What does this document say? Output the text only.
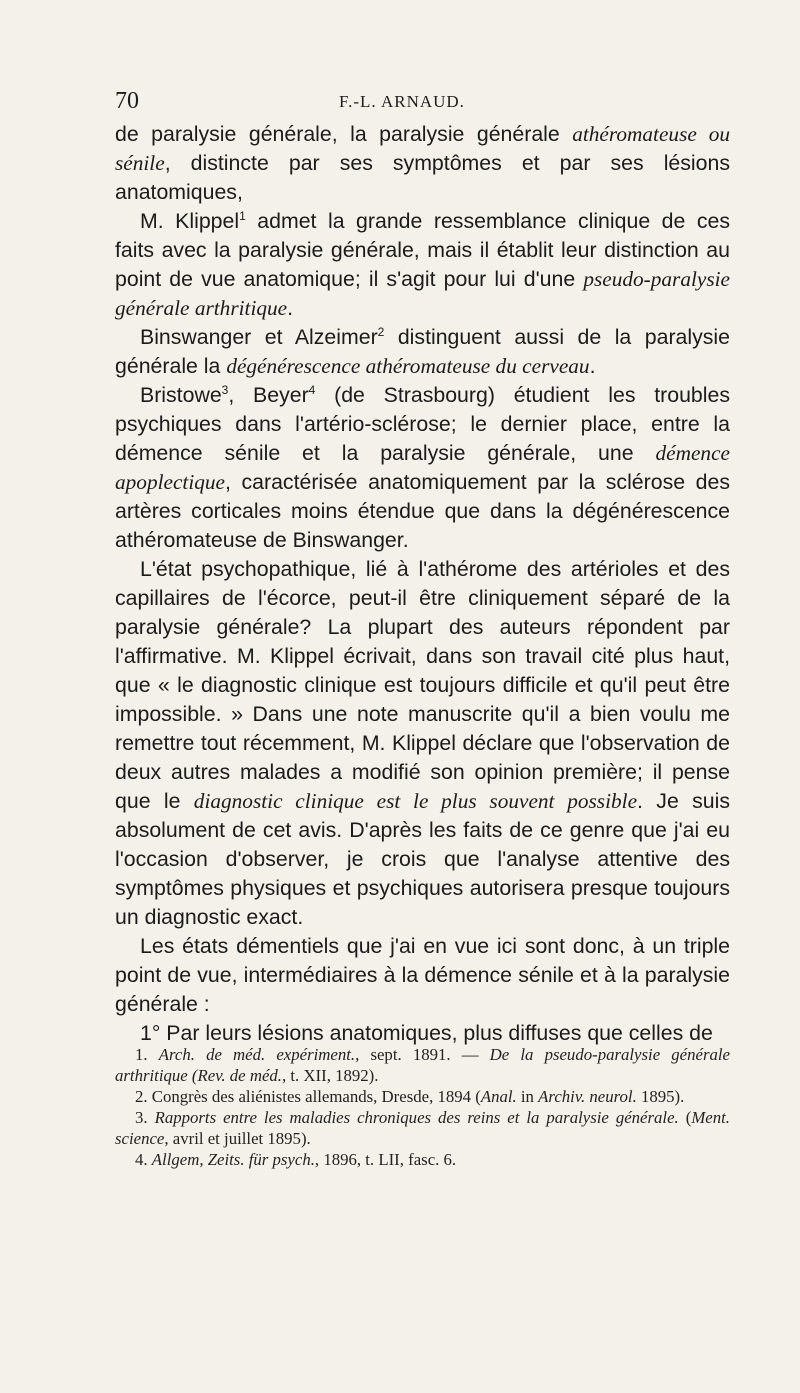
70	F.-L. ARNAUD.

de paralysie générale, la paralysie générale athéromateuse ou sénile, distincte par ses symptômes et par ses lésions anatomiques,

M. Klippel$^1$ admet la grande ressemblance clinique de ces faits avec la paralysie générale, mais il établit leur distinction au point de vue anatomique; il s'agit pour lui d'une pseudo-paralysie générale arthritique.

Binswanger et Alzeimer$^2$ distinguent aussi de la paralysie générale la dégénérescence athéromateuse du cerveau.

Bristowe$^3$, Beyer$^4$ (de Strasbourg) étudient les troubles psychiques dans l'artério-sclérose; le dernier place, entre la démence sénile et la paralysie générale, une démence apoplectique, caractérisée anatomiquement par la sclérose des artères corticales moins étendue que dans la dégénérescence athéromateuse de Binswanger.

L'état psychopathique, lié à l'athérome des artérioles et des capillaires de l'écorce, peut-il être cliniquement séparé de la paralysie générale? La plupart des auteurs répondent par l'affirmative. M. Klippel écrivait, dans son travail cité plus haut, que « le diagnostic clinique est toujours difficile et qu'il peut être impossible. » Dans une note manuscrite qu'il a bien voulu me remettre tout récemment, M. Klippel déclare que l'observation de deux autres malades a modifié son opinion première; il pense que le diagnostic clinique est le plus souvent possible. Je suis absolument de cet avis. D'après les faits de ce genre que j'ai eu l'occasion d'observer, je crois que l'analyse attentive des symptômes physiques et psychiques autorisera presque toujours un diagnostic exact.

Les états démentiels que j'ai en vue ici sont donc, à un triple point de vue, intermédiaires à la démence sénile et à la paralysie générale :

1° Par leurs lésions anatomiques, plus diffuses que celles de

1. Arch. de méd. expériment., sept. 1891. — De la pseudo-paralysie générale arthritique (Rev. de méd., t. XII, 1892).

2. Congrès des aliénistes allemands, Dresde, 1894 (Anal. in Archiv. neurol. 1895).

3. Rapports entre les maladies chroniques des reins et la paralysie générale. (Ment. science, avril et juillet 1895).

4. Allgem, Zeits. für psych., 1896, t. LII, fasc. 6.
